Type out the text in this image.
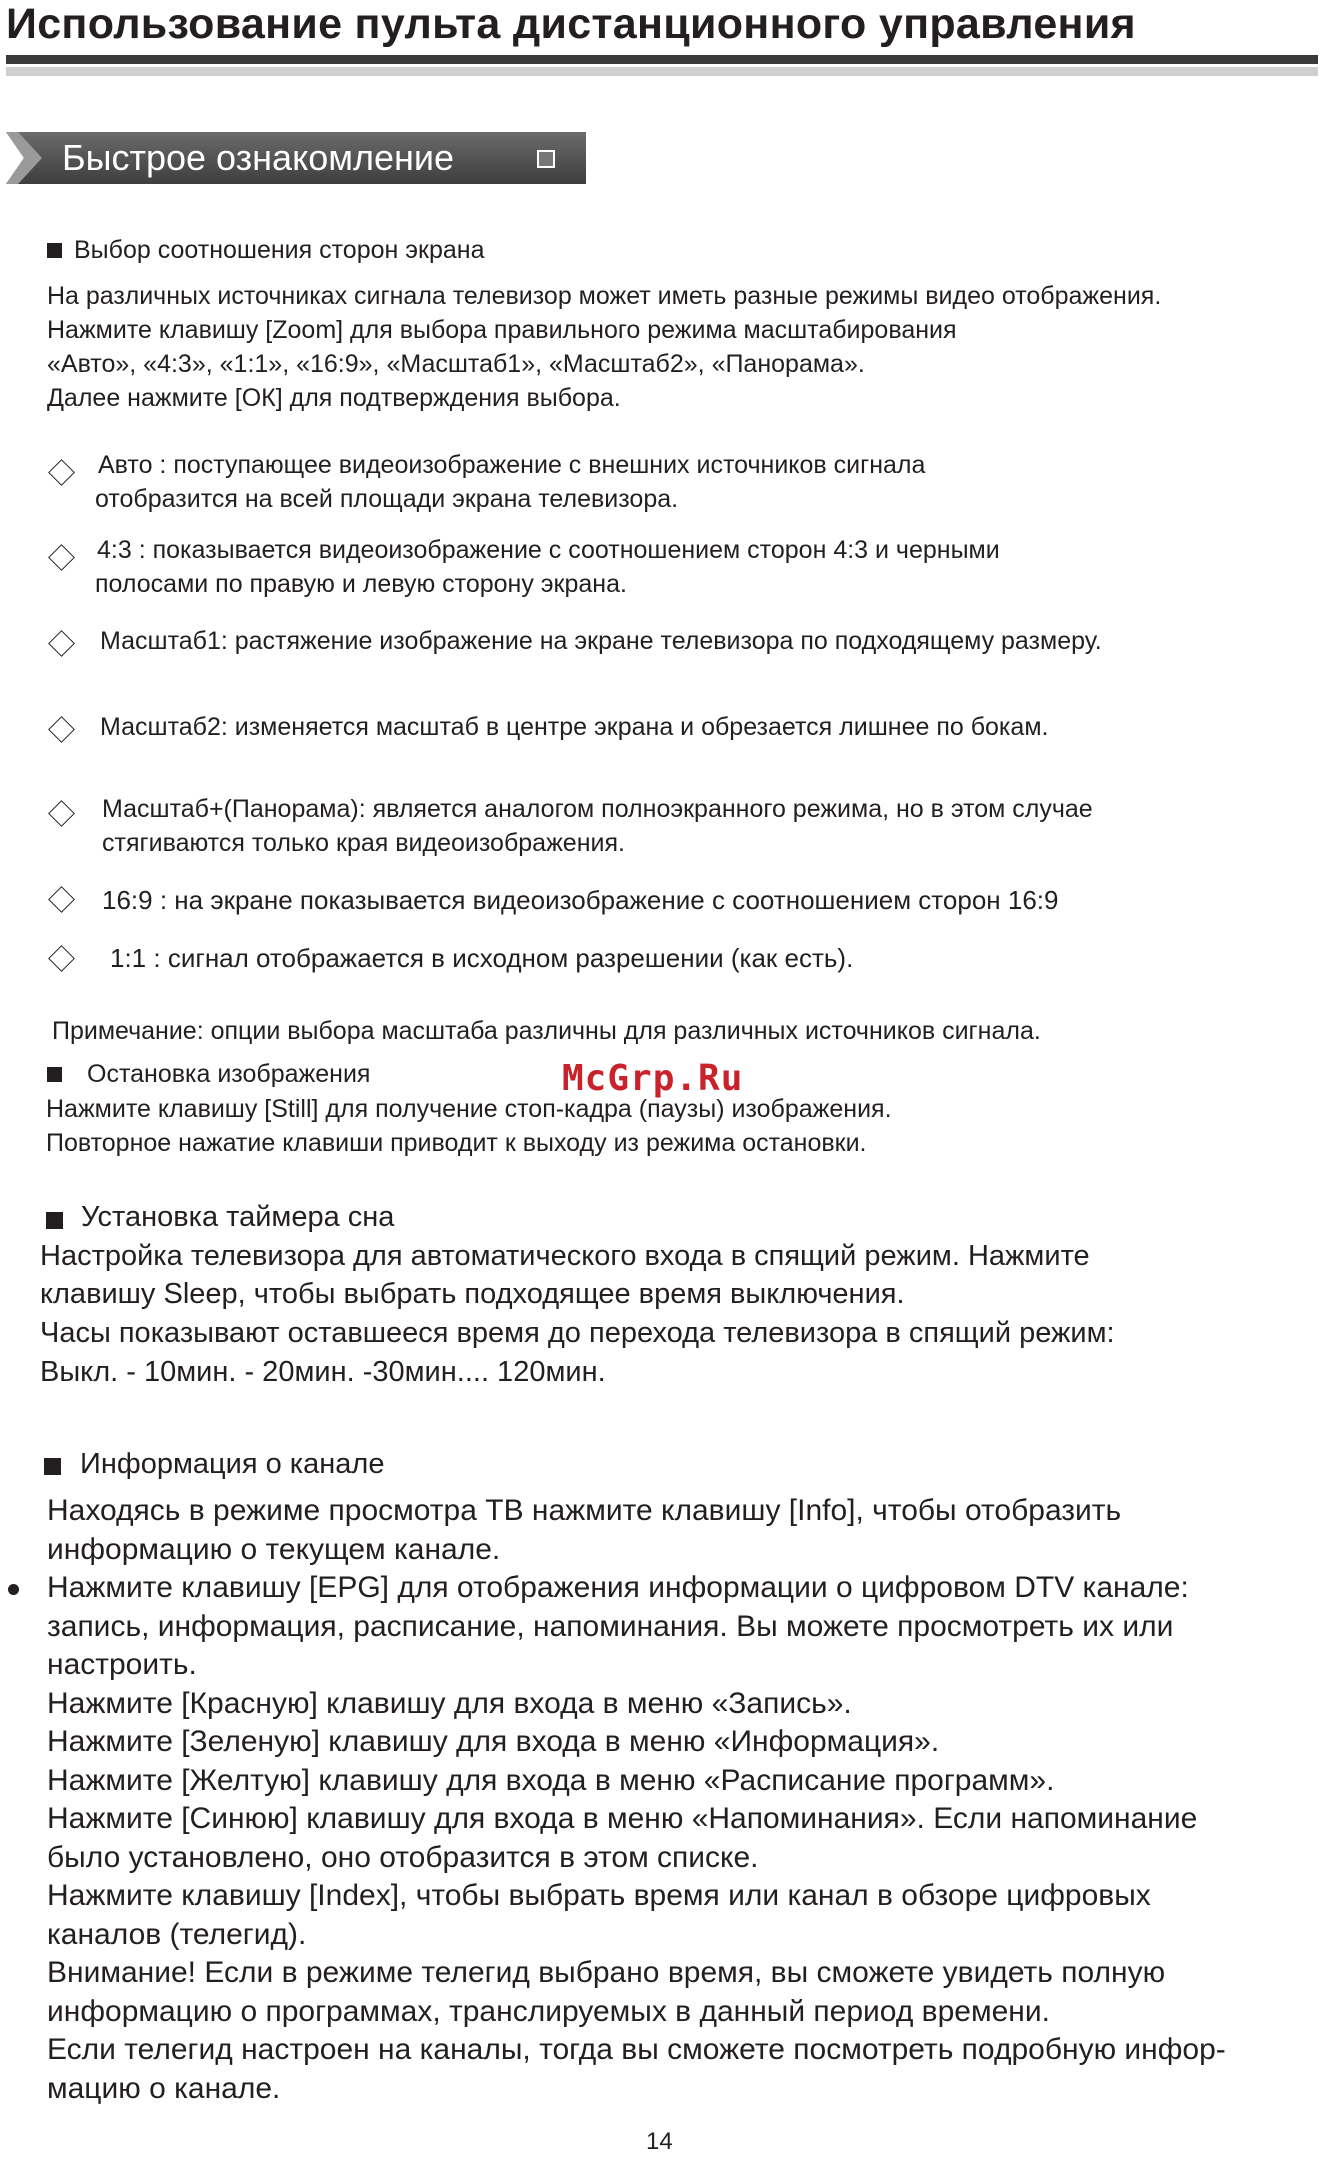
Использование пульта дистанционного управления
Быстрое ознакомление
Выбор соотношения сторон экрана
На различных источниках сигнала телевизор может иметь разные режимы видео отображения.
Нажмите клавишу [Zoom] для выбора правильного режима масштабирования
«Авто», «4:3», «1:1», «16:9», «Масштаб1», «Масштаб2», «Панорама».
Далее нажмите [ОК] для подтверждения выбора.
Авто : поступающее видеоизображение с внешних источников сигнала
отобразится на всей площади экрана телевизора.
4:3 : показывается видеоизображение с соотношением сторон 4:3 и черными
полосами по правую и левую сторону экрана.
Масштаб1: растяжение изображение на экране телевизора по подходящему размеру.
Масштаб2: изменяется масштаб в центре экрана и обрезается лишнее по бокам.
Масштаб+(Панорама): является аналогом полноэкранного режима, но в этом случае
стягиваются только края видеоизображения.
16:9 : на экране показывается видеоизображение с соотношением сторон 16:9
1:1 : сигнал отображается в исходном разрешении (как есть).
Примечание: опции выбора масштаба различны для различных источников сигнала.
Остановка изображения	McGrp.Ru
Нажмите клавишу [Still] для получение стоп-кадра (паузы) изображения.
Повторное нажатие клавиши приводит к выходу из режима остановки.
Установка таймера сна
Настройка телевизора для автоматического входа в спящий режим. Нажмите
клавишу Sleep, чтобы выбрать подходящее время выключения.
Часы показывают оставшееся время до перехода телевизора в спящий режим:
Выкл. - 10мин. - 20мин. -30мин.... 120мин.
Информация о канале
Находясь в режиме просмотра ТВ нажмите клавишу [Info], чтобы отобразить
информацию о текущем канале.
Нажмите клавишу [EPG] для отображения информации о цифровом DTV канале:
запись, информация, расписание, напоминания. Вы можете просмотреть их или
настроить.
Нажмите [Красную] клавишу для входа в меню «Запись».
Нажмите [Зеленую] клавишу для входа в меню «Информация».
Нажмите [Желтую] клавишу для входа в меню «Расписание программ».
Нажмите [Синюю] клавишу для входа в меню «Напоминания». Если напоминание
было установлено, оно отобразится в этом списке.
Нажмите клавишу [Index], чтобы выбрать время или канал в обзоре цифровых
каналов (телегид).
Внимание! Если в режиме телегид выбрано время, вы сможете увидеть полную
информацию о программах, транслируемых в данный период времени.
Если телегид настроен на каналы, тогда вы сможете посмотреть подробную инфор-
мацию о канале.
14
